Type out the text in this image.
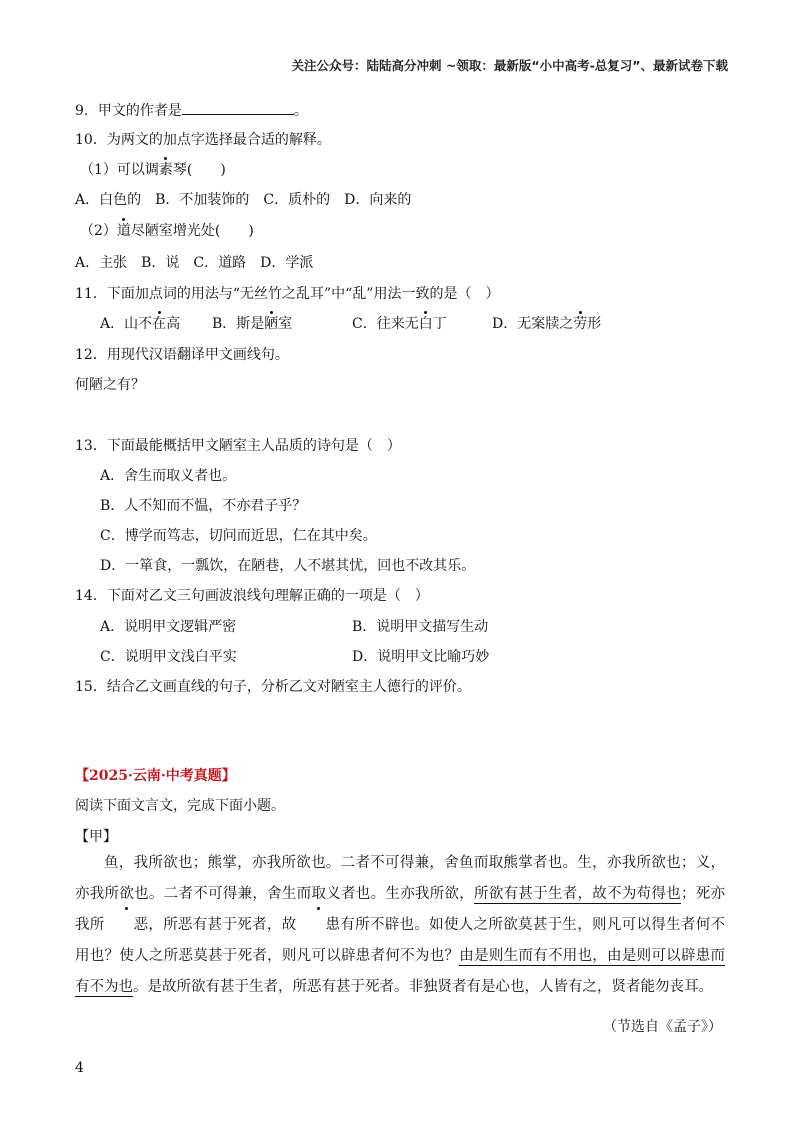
关注公众号：陆陆高分冲刺 ~领取：最新版“小中高考-总复习”、最新试卷下载
9．甲文的作者是	。
10．为两文的加点字选择最合适的解释。
（1）可以调素琴(　　)
A．白色的　B．不加装饰的　C．质朴的　D．向来的
（2）道尽陋室增光处(　　)
A．主张　B．说　C．道路　D．学派
11．下面加点词的用法与“无丝竹之乱耳”中“乱”用法一致的是（　）
A．山不在高 B．斯是陋室	C．往来无白丁	D．无案牍之劳形
12．用现代汉语翻译甲文画线句。
何陋之有？
13．下面最能概括甲文陋室主人品质的诗句是（　）
A．舍生而取义者也。
B．人不知而不愠，不亦君子乎？
C．博学而笃志，切问而近思，仁在其中矣。
D．一箪食，一瓢饮，在陋巷，人不堪其忧，回也不改其乐。
14．下面对乙文三句画波浪线句理解正确的一项是（　）
A．说明甲文逻辑严密	B．说明甲文描写生动
C．说明甲文浅白平实	D．说明甲文比喻巧妙
15．结合乙文画直线的句子，分析乙文对陋室主人德行的评价。
【2025·云南·中考真题】
阅读下面文言文，完成下面小题。
【甲】
鱼，我所欲也；熊掌，亦我所欲也。二者不可得兼，舍鱼而取熊掌者也。生，亦我所欲也；义，亦我所欲也。二者不可得兼，舍生而取义者也。生亦我所欲，所欲有甚于生者，故不为苟得也；死亦我所 恶，所恶有甚于死者，故 患有所不辟也。如使人之所欲莫甚于生，则凡可以得生者何不用也？使人之所恶莫甚于死者，则凡可以辟患者何不为也？由是则生而有不用也，由是则可以辟患而有不为也。是故所欲有甚于生者，所恶有甚于死者。非独贤者有是心也，人皆有之，贤者能勿丧耳。
（节选自《孟子》）
4
